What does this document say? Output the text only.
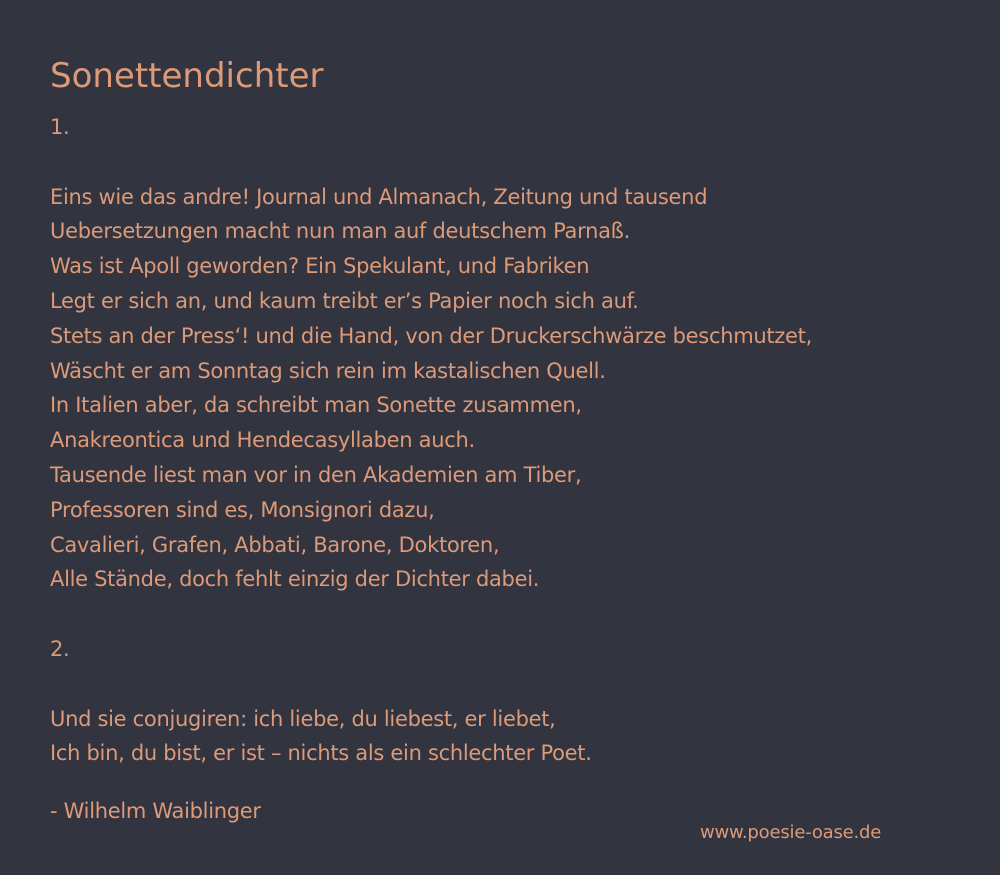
Sonettendichter
1.
Eins wie das andre! Journal und Almanach, Zeitung und tausend
Uebersetzungen macht nun man auf deutschem Parnaß.
Was ist Apoll geworden? Ein Spekulant, und Fabriken
Legt er sich an, und kaum treibt er’s Papier noch sich auf.
Stets an der Press‘! und die Hand, von der Druckerschwärze beschmutzet,
Wäscht er am Sonntag sich rein im kastalischen Quell.
In Italien aber, da schreibt man Sonette zusammen,
Anakreontica und Hendecasyllaben auch.
Tausende liest man vor in den Akademien am Tiber,
Professoren sind es, Monsignori dazu,
Cavalieri, Grafen, Abbati, Barone, Doktoren,
Alle Stände, doch fehlt einzig der Dichter dabei.
2.
Und sie conjugiren: ich liebe, du liebest, er liebet,
Ich bin, du bist, er ist – nichts als ein schlechter Poet.
- Wilhelm Waiblinger
www.poesie-oase.de
